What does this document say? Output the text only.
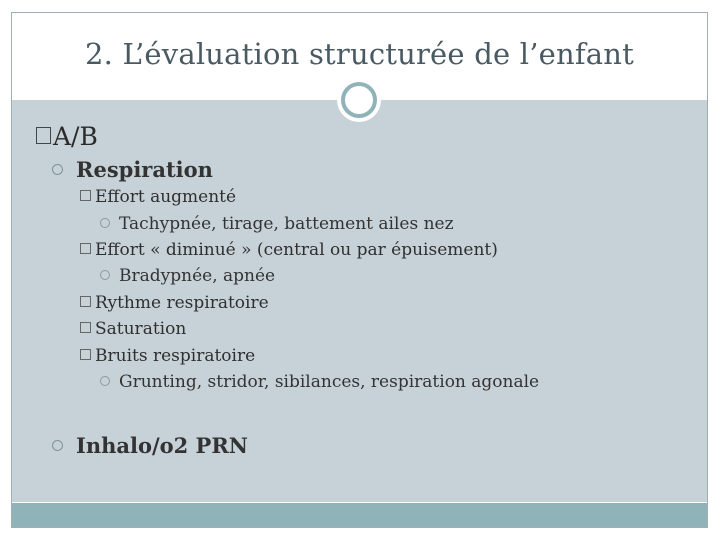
2. L’évaluation structurée de l’enfant
A/B
Respiration
Effort augmenté
Tachypnée, tirage, battement ailes nez
Effort « diminué » (central ou par épuisement)
Bradypnée, apnée
Rythme respiratoire
Saturation
Bruits respiratoire
Grunting, stridor, sibilances, respiration agonale
Inhalo/o2 PRN
